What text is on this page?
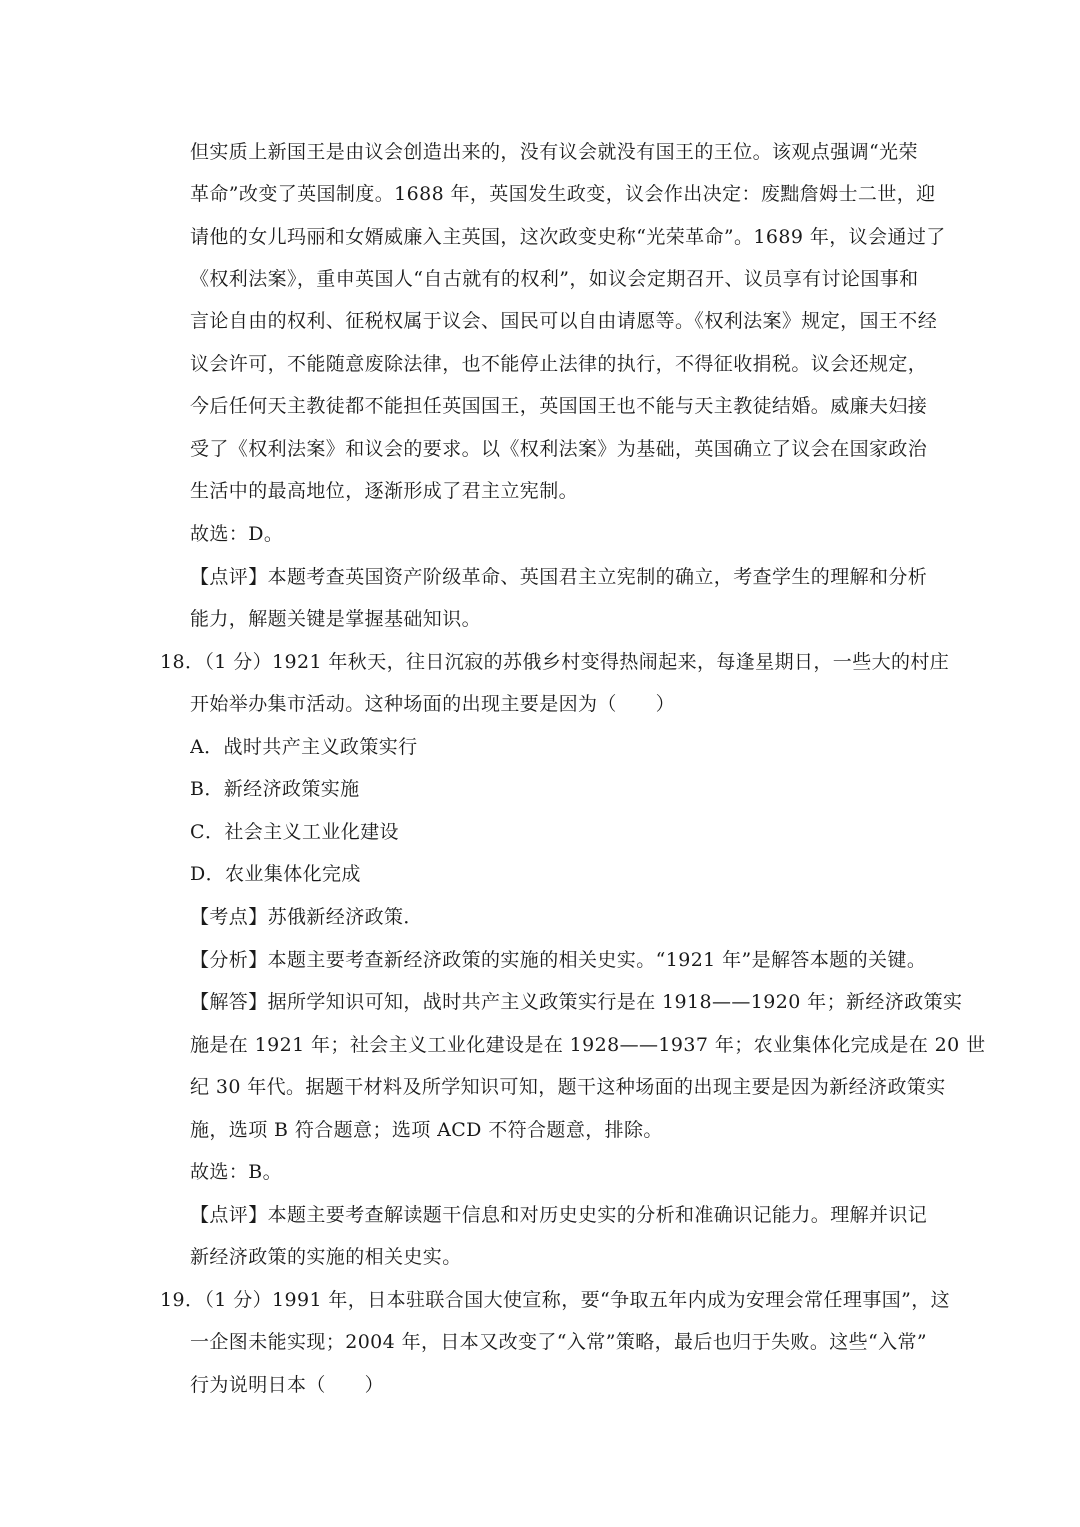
但实质上新国王是由议会创造出来的，没有议会就没有国王的王位。该观点强调“光荣
革命”改变了英国制度。1688 年，英国发生政变，议会作出决定：废黜詹姆士二世，迎
请他的女儿玛丽和女婿威廉入主英国，这次政变史称“光荣革命”。1689 年，议会通过了
《权利法案》，重申英国人“自古就有的权利”，如议会定期召开、议员享有讨论国事和
言论自由的权利、征税权属于议会、国民可以自由请愿等。《权利法案》规定，国王不经
议会许可，不能随意废除法律，也不能停止法律的执行，不得征收捐税。议会还规定，
今后任何天主教徒都不能担任英国国王，英国国王也不能与天主教徒结婚。威廉夫妇接
受了《权利法案》和议会的要求。以《权利法案》为基础，英国确立了议会在国家政治
生活中的最高地位，逐渐形成了君主立宪制。
故选：D。
【点评】本题考查英国资产阶级革命、英国君主立宪制的确立，考查学生的理解和分析
能力，解题关键是掌握基础知识。
18．（1 分）1921 年秋天，往日沉寂的苏俄乡村变得热闹起来，每逢星期日，一些大的村庄
开始举办集市活动。这种场面的出现主要是因为（　　）
A．战时共产主义政策实行
B．新经济政策实施
C．社会主义工业化建设
D．农业集体化完成
【考点】苏俄新经济政策．
【分析】本题主要考查新经济政策的实施的相关史实。“1921 年”是解答本题的关键。
【解答】据所学知识可知，战时共产主义政策实行是在 1918——1920 年；新经济政策实
施是在 1921 年；社会主义工业化建设是在 1928——1937 年；农业集体化完成是在 20 世
纪 30 年代。据题干材料及所学知识可知，题干这种场面的出现主要是因为新经济政策实
施，选项 B 符合题意；选项 ACD 不符合题意，排除。
故选：B。
【点评】本题主要考查解读题干信息和对历史史实的分析和准确识记能力。理解并识记
新经济政策的实施的相关史实。
19．（1 分）1991 年，日本驻联合国大使宣称，要“争取五年内成为安理会常任理事国”，这
一企图未能实现；2004 年，日本又改变了“入常”策略，最后也归于失败。这些“入常”
行为说明日本（　　）
